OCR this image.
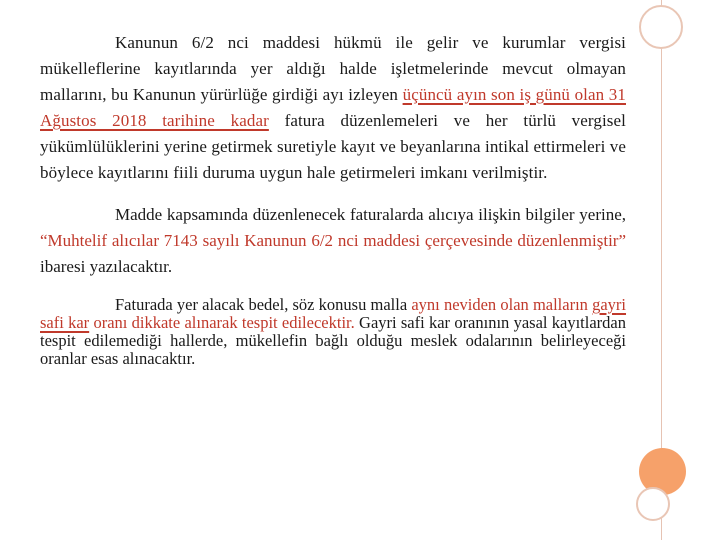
Kanunun 6/2 nci maddesi hükmü ile gelir ve kurumlar vergisi mükelleflerine kayıtlarında yer aldığı halde işletmelerinde mevcut olmayan mallarını, bu Kanunun yürürlüğe girdiği ayı izleyen üçüncü ayın son iş günü olan 31 Ağustos 2018 tarihine kadar fatura düzenlemeleri ve her türlü vergisel yükümlülüklerini yerine getirmek suretiyle kayıt ve beyanlarına intikal ettirmeleri ve böylece kayıtlarını fiili duruma uygun hale getirmeleri imkanı verilmiştir.

Madde kapsamında düzenlenecek faturalarda alıcıya ilişkin bilgiler yerine, “Muhtelif alıcılar 7143 sayılı Kanunun 6/2 nci maddesi çerçevesinde düzenlenmiştir” ibaresi yazılacaktır.

Faturada yer alacak bedel, söz konusu malla aynı neviden olan malların gayri safi kar oranı dikkate alınarak tespit edilecektir. Gayri safi kar oranının yasal kayıtlardan tespit edilemediği hallerde, mükellefin bağlı olduğu meslek odalarının belirleyeceği oranlar esas alınacaktır.
